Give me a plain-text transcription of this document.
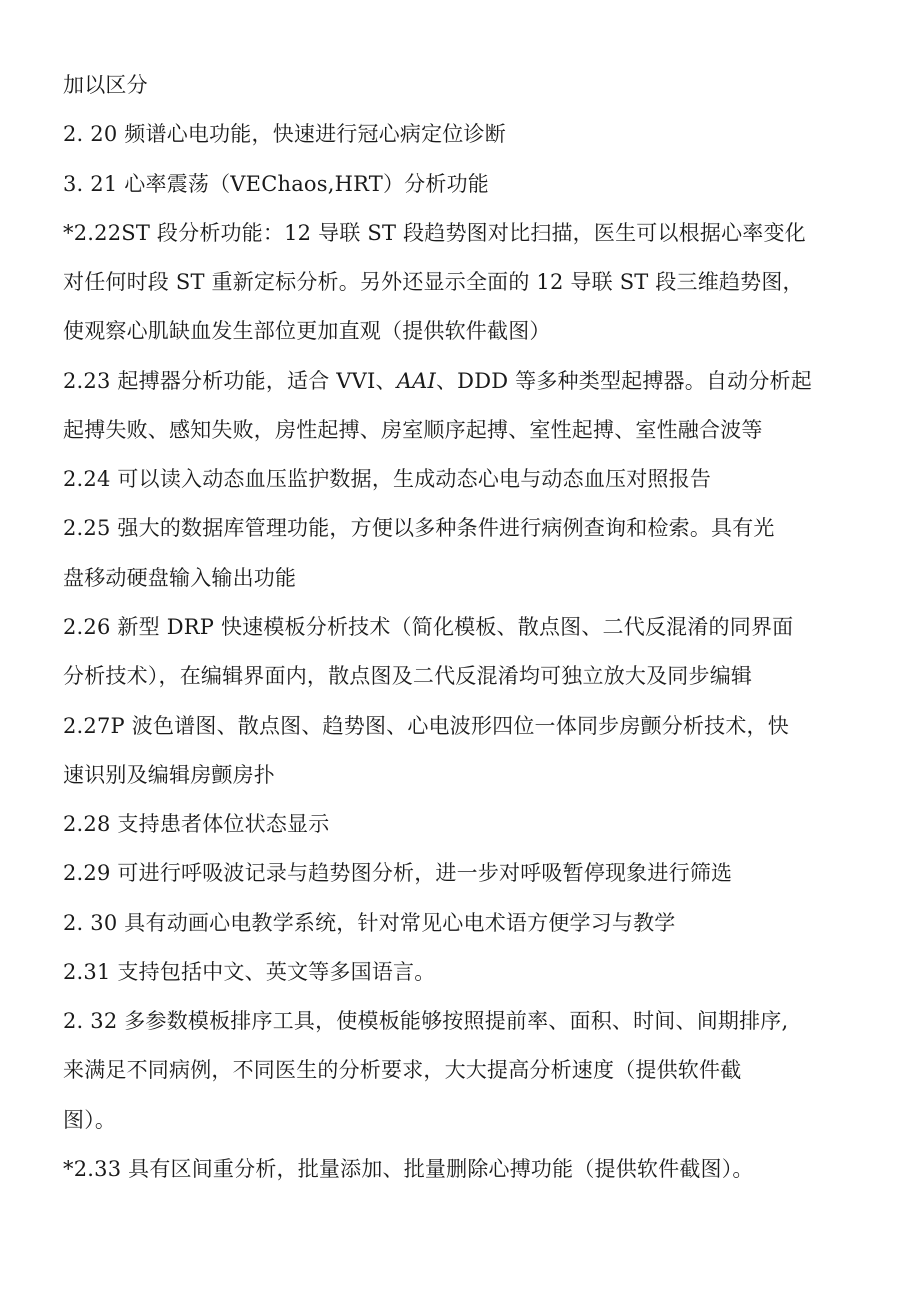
加以区分
2. 20 频谱心电功能，快速进行冠心病定位诊断
3. 21 心率震荡（VEChaos,HRT）分析功能
*2.22ST 段分析功能：12 导联 ST 段趋势图对比扫描，医生可以根据心率变化
对任何时段 ST 重新定标分析。另外还显示全面的 12 导联 ST 段三维趋势图，
使观察心肌缺血发生部位更加直观（提供软件截图）
2.23 起搏器分析功能，适合 VVI、AAI、DDD 等多种类型起搏器。自动分析起
起搏失败、感知失败，房性起搏、房室顺序起搏、室性起搏、室性融合波等
2.24 可以读入动态血压监护数据，生成动态心电与动态血压对照报告
2.25 强大的数据库管理功能，方便以多种条件进行病例查询和检索。具有光
盘移动硬盘输入输出功能
2.26 新型 DRP 快速模板分析技术（简化模板、散点图、二代反混淆的同界面
分析技术），在编辑界面内，散点图及二代反混淆均可独立放大及同步编辑
2.27P 波色谱图、散点图、趋势图、心电波形四位一体同步房颤分析技术，快
速识别及编辑房颤房扑
2.28 支持患者体位状态显示
2.29 可进行呼吸波记录与趋势图分析，进一步对呼吸暂停现象进行筛选
2. 30 具有动画心电教学系统，针对常见心电术语方便学习与教学
2.31 支持包括中文、英文等多国语言。
2. 32 多参数模板排序工具，使模板能够按照提前率、面积、时间、间期排序,
来满足不同病例，不同医生的分析要求，大大提高分析速度（提供软件截
图）。
*2.33 具有区间重分析，批量添加、批量删除心搏功能（提供软件截图）。
